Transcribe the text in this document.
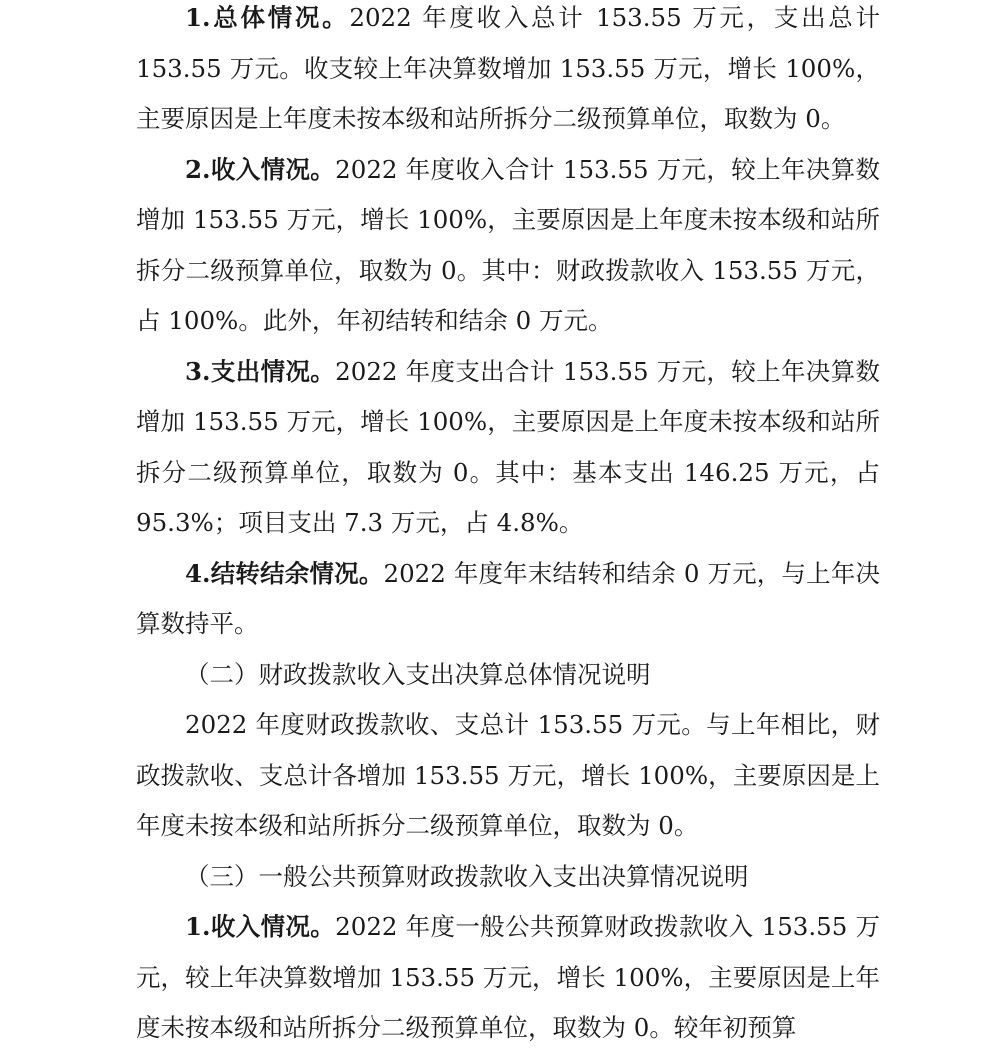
1.总体情况。2022 年度收入总计 153.55 万元，支出总计 153.55 万元。收支较上年决算数增加 153.55 万元，增长 100%，主要原因是上年度未按本级和站所拆分二级预算单位，取数为 0。

2.收入情况。2022 年度收入合计 153.55 万元，较上年决算数增加 153.55 万元，增长 100%，主要原因是上年度未按本级和站所拆分二级预算单位，取数为 0。其中：财政拨款收入 153.55 万元，占 100%。此外，年初结转和结余 0 万元。

3.支出情况。2022 年度支出合计 153.55 万元，较上年决算数增加 153.55 万元，增长 100%，主要原因是上年度未按本级和站所拆分二级预算单位，取数为 0。其中：基本支出 146.25 万元，占 95.3%；项目支出 7.3 万元，占 4.8%。

4.结转结余情况。2022 年度年末结转和结余 0 万元，与上年决算数持平。

（二）财政拨款收入支出决算总体情况说明

2022 年度财政拨款收、支总计 153.55 万元。与上年相比，财政拨款收、支总计各增加 153.55 万元，增长 100%，主要原因是上年度未按本级和站所拆分二级预算单位，取数为 0。

（三）一般公共预算财政拨款收入支出决算情况说明

1.收入情况。2022 年度一般公共预算财政拨款收入 153.55 万元，较上年决算数增加 153.55 万元，增长 100%，主要原因是上年度未按本级和站所拆分二级预算单位，取数为 0。较年初预算
